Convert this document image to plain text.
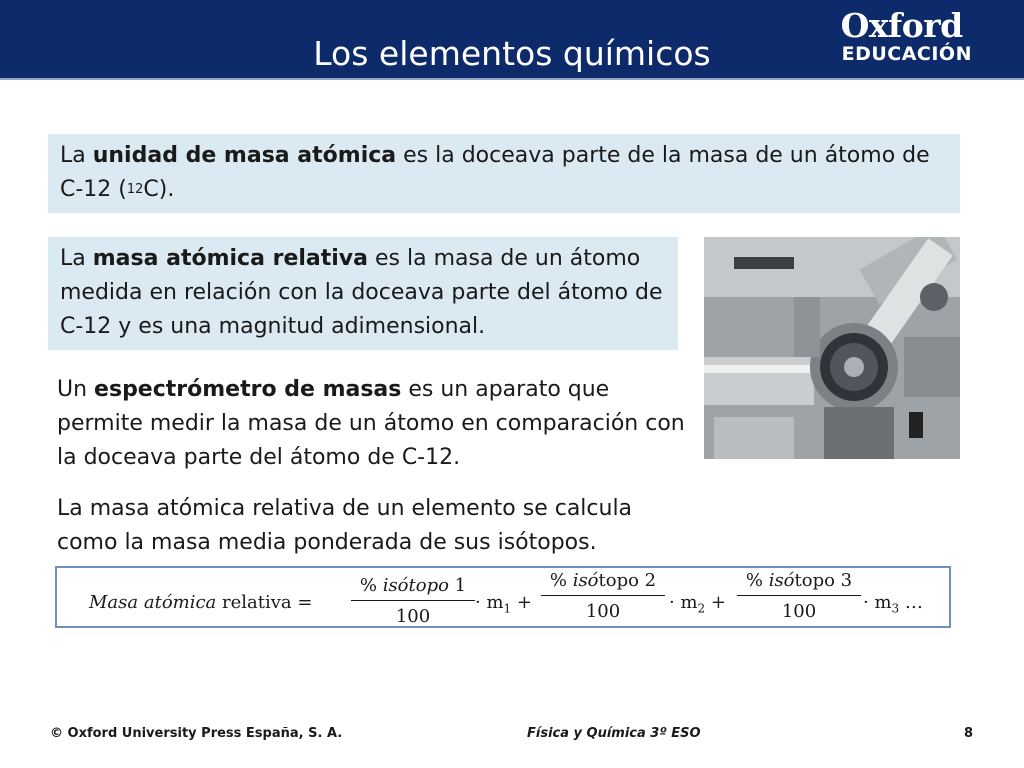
Los elementos químicos
Oxford
EDUCACIÓN
La unidad de masa atómica es la doceava parte de la masa de un átomo de C-12 ($^{12}$C).
La masa atómica relativa es la masa de un átomo medida en relación con la doceava parte del átomo de C-12 y es una magnitud adimensional.
Un espectrómetro de masas es un aparato que permite medir la masa de un átomo en comparación con la doceava parte del átomo de C-12.
La masa atómica relativa de un elemento se calcula como la masa media ponderada de sus isótopos.
Masa atómica relativa =
% isótopo 1
100
· $m_1$ +
% isótopo 2
100	· $m_2$ +
% isótopo 3
100	· $m_3$ …
© Oxford University Press España, S. A.	Física y Química 3º ESO	8
